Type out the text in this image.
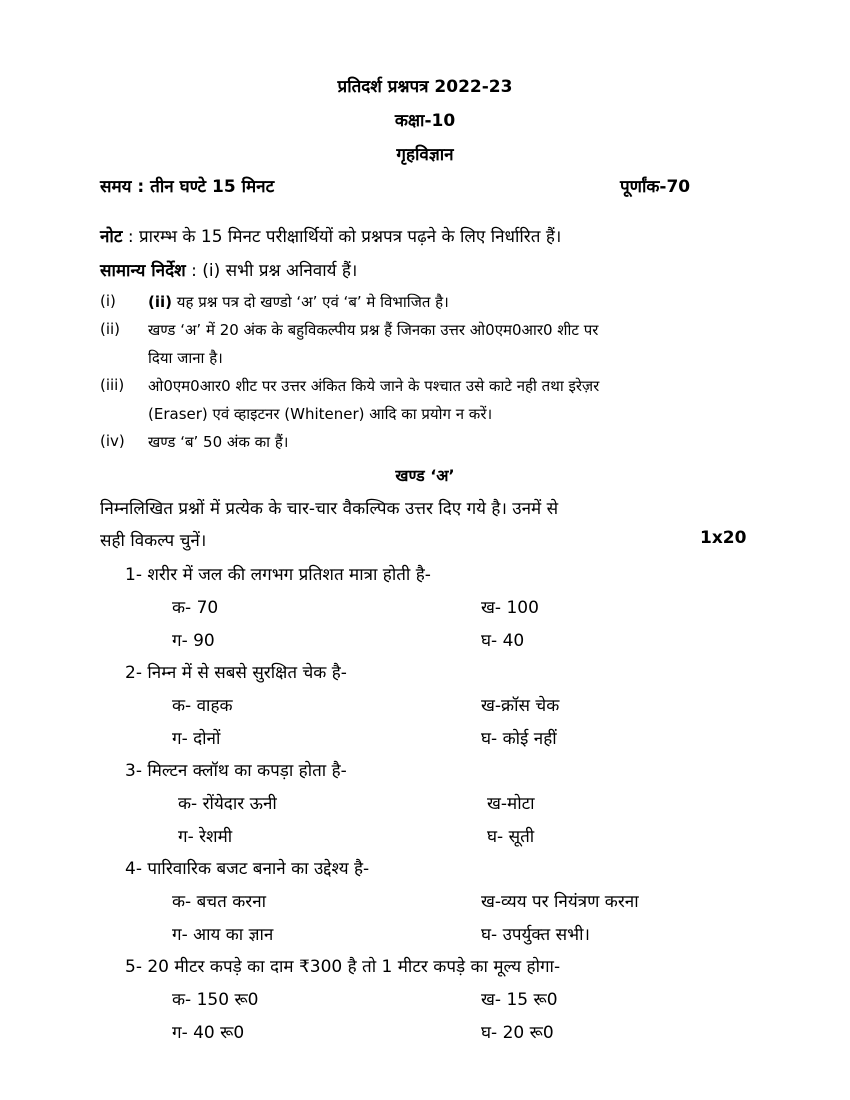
प्रतिदर्श प्रश्नपत्र 2022-23
कक्षा-10
गृहविज्ञान
समय : तीन घण्टे 15 मिनट	पूर्णांक-70
नोट : प्रारम्भ के 15 मिनट परीक्षार्थियों को प्रश्नपत्र पढ़ने के लिए निर्धारित हैं।
सामान्य निर्देश : (i) सभी प्रश्न अनिवार्य हैं।
(i) (ii) यह प्रश्न पत्र दो खण्डो ‘अ’ एवं ‘ब’ मे विभाजित है।
(ii) खण्ड ‘अ’ में 20 अंक के बहुविकल्पीय प्रश्न हैं जिनका उत्तर ओ0एम0आर0 शीट पर
दिया जाना है।
(iii) ओ0एम0आर0 शीट पर उत्तर अंकित किये जाने के पश्चात उसे काटे नही तथा इरेज़र
(Eraser) एवं व्हाइटनर (Whitener) आदि का प्रयोग न करें।
(iv) खण्ड ‘ब’ 50 अंक का हैं।
खण्ड ‘अ’
निम्नलिखित प्रश्नों में प्रत्येक के चार-चार वैकल्पिक उत्तर दिए गये है। उनमें से
सही विकल्प चुनें।	1x20
1- शरीर में जल की लगभग प्रतिशत मात्रा होती है-
क- 70	ख- 100
ग- 90	घ- 40
2- निम्न में से सबसे सुरक्षित चेक है-
क- वाहक	ख-क्रॉस चेक
ग- दोनों	घ- कोई नहीं
3- मिल्टन क्लॉथ का कपड़ा होता है-
क- रोंयेदार ऊनी	ख-मोटा
ग- रेशमी	घ- सूती
4- पारिवारिक बजट बनाने का उद्देश्य है-
क- बचत करना	ख-व्यय पर नियंत्रण करना
ग- आय का ज्ञान	घ- उपर्युक्त सभी।
5- 20 मीटर कपड़े का दाम ₹300 है तो 1 मीटर कपड़े का मूल्य होगा-
क- 150 रू0	ख- 15 रू0
ग- 40 रू0	घ- 20 रू0
